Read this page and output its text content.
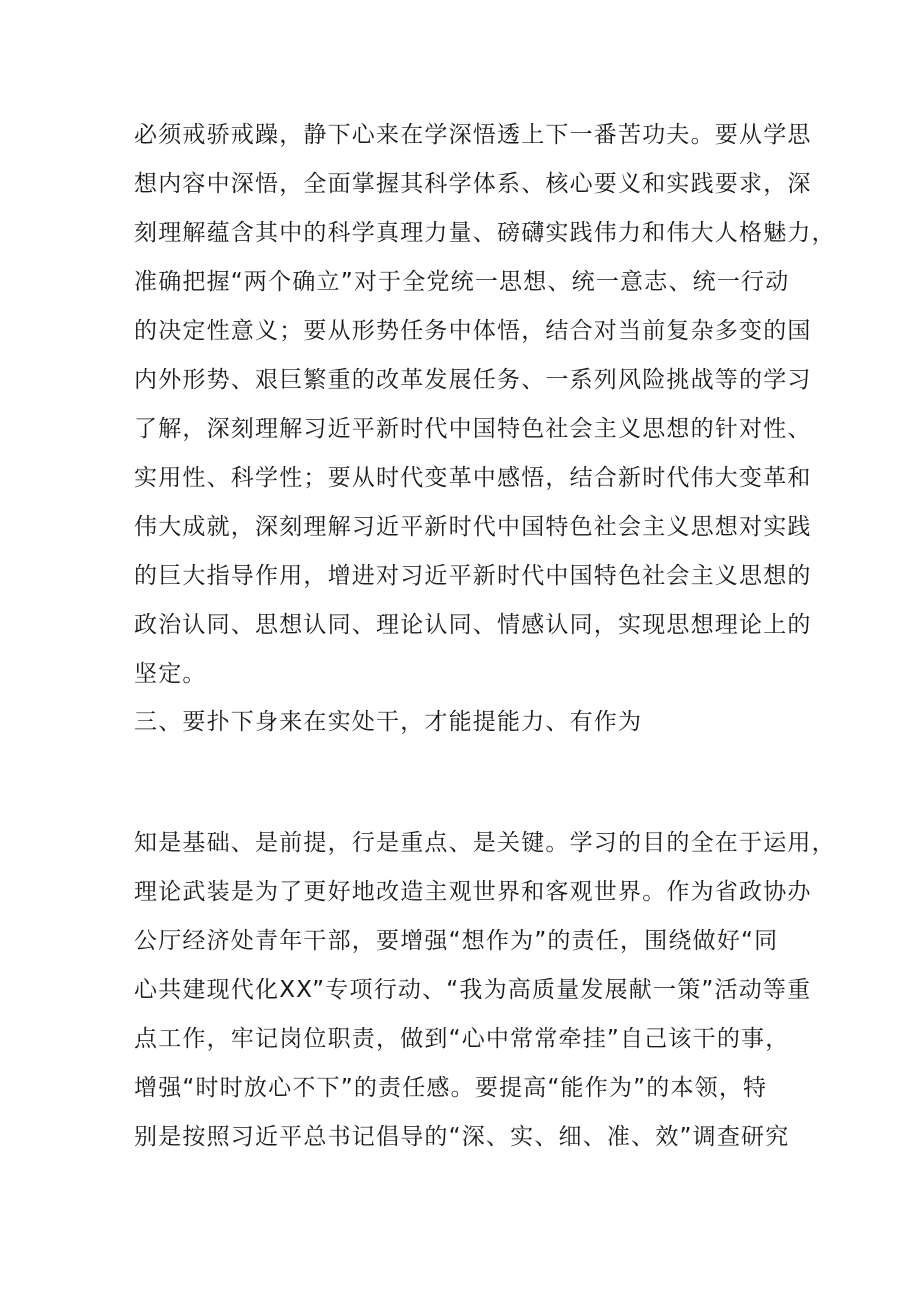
必须戒骄戒躁，静下心来在学深悟透上下一番苦功夫。要从学思
想内容中深悟，全面掌握其科学体系、核心要义和实践要求，深
刻理解蕴含其中的科学真理力量、磅礴实践伟力和伟大人格魅力，
准确把握“两个确立”对于全党统一思想、统一意志、统一行动
的决定性意义；要从形势任务中体悟，结合对当前复杂多变的国
内外形势、艰巨繁重的改革发展任务、一系列风险挑战等的学习
了解，深刻理解习近平新时代中国特色社会主义思想的针对性、
实用性、科学性；要从时代变革中感悟，结合新时代伟大变革和
伟大成就，深刻理解习近平新时代中国特色社会主义思想对实践
的巨大指导作用，增进对习近平新时代中国特色社会主义思想的
政治认同、思想认同、理论认同、情感认同，实现思想理论上的
坚定。

三、要扑下身来在实处干，才能提能力、有作为

知是基础、是前提，行是重点、是关键。学习的目的全在于运用，
理论武装是为了更好地改造主观世界和客观世界。作为省政协办
公厅经济处青年干部，要增强“想作为”的责任，围绕做好“同
心共建现代化XX”专项行动、“我为高质量发展献一策”活动等重
点工作，牢记岗位职责，做到“心中常常牵挂”自己该干的事，
增强“时时放心不下”的责任感。要提高“能作为”的本领，特
别是按照习近平总书记倡导的“深、实、细、准、效”调查研究
